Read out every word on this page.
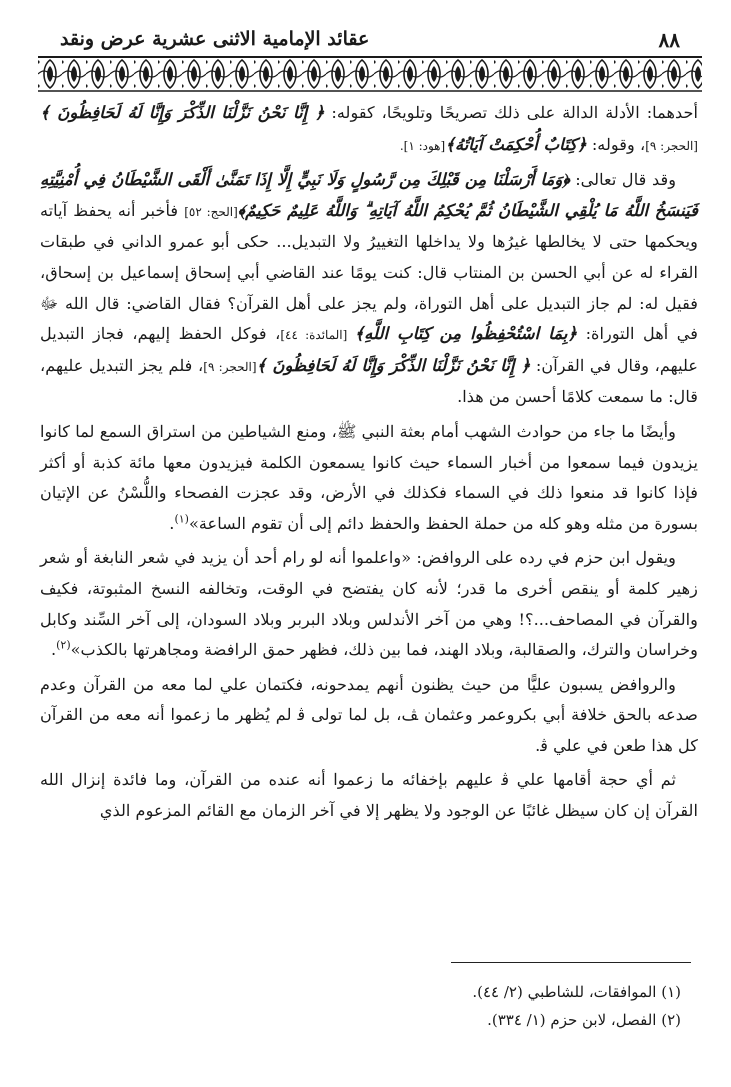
٨٨
عقائد الإمامية الاثنى عشرية عرض ونقد

أحدهما: الأدلة الدالة على ذلك تصريحًا وتلويحًا، كقوله: ﴿ إِنَّا نَحْنُ نَزَّلْنَا الذِّكْرَ وَإِنَّا لَهُ لَحَافِظُونَ ﴾ [الحجر: ٩]، وقوله: ﴿كِتَابٌ أُحْكِمَتْ آيَاتُهُ﴾[هود: ١].

وقد قال تعالى: ﴿وَمَا أَرْسَلْنَا مِن قَبْلِكَ مِن رَّسُولٍ وَلَا نَبِيٍّ إِلَّا إِذَا تَمَنَّىٰ أَلْقَى الشَّيْطَانُ فِي أُمْنِيَّتِهِ فَيَنسَخُ اللَّهُ مَا يُلْقِي الشَّيْطَانُ ثُمَّ يُحْكِمُ اللَّهُ آيَاتِهِ ۗ وَاللَّهُ عَلِيمٌ حَكِيمٌ﴾[الحج: ٥٢] فأخبر أنه يحفظ آياته ويحكمها حتى لا يخالطها غيرُها ولا يداخلها التغييرُ ولا التبديل... حكى أبو عمرو الداني في طبقات القراء له عن أبي الحسن بن المنتاب قال: كنت يومًا عند القاضي أبي إسحاق إسماعيل بن إسحاق، فقيل له: لم جاز التبديل على أهل التوراة، ولم يجز على أهل القرآن؟ فقال القاضي: قال الله ﷻ في أهل التوراة: ﴿بِمَا اسْتُحْفِظُوا مِن كِتَابِ اللَّهِ﴾ [المائدة: ٤٤]، فوكل الحفظ إليهم، فجاز التبديل عليهم، وقال في القرآن: ﴿ إِنَّا نَحْنُ نَزَّلْنَا الذِّكْرَ وَإِنَّا لَهُ لَحَافِظُونَ ﴾[الحجر: ٩]، فلم يجز التبديل عليهم، قال: ما سمعت كلامًا أحسن من هذا.

وأيضًا ما جاء من حوادث الشهب أمام بعثة النبي ﷺ، ومنع الشياطين من استراق السمع لما كانوا يزيدون فيما سمعوا من أخبار السماء حيث كانوا يسمعون الكلمة فيزيدون معها مائة كذبة أو أكثر فإذا كانوا قد منعوا ذلك في السماء فكذلك في الأرض، وقد عجزت الفصحاء واللُّسْنُ عن الإتيان بسورة من مثله وهو كله من حملة الحفظ والحفظ دائم إلى أن تقوم الساعة»$^{(١)}$.

ويقول ابن حزم في رده على الروافض: «واعلموا أنه لو رام أحد أن يزيد في شعر النابغة أو شعر زهير كلمة أو ينقص أخرى ما قدر؛ لأنه كان يفتضح في الوقت، وتخالفه النسخ المثبوتة، فكيف والقرآن في المصاحف...؟! وهي من آخر الأندلس وبلاد البربر وبلاد السودان، إلى آخر السِّند وكابل وخراسان والترك، والصقالبة، وبلاد الهند، فما بين ذلك، فظهر حمق الرافضة ومجاهرتها بالكذب»$^{(٢)}$.

والروافض يسبون عليًّا من حيث يظنون أنهم يمدحونه، فكتمان علي لما معه من القرآن وعدم صدعه بالحق خلافة أبي بكروعمر وعثمان ﭫ، بل لما تولى ﭬ لم يُظهر ما زعموا أنه معه من القرآن كل هذا طعن في علي ﭬ.

ثم أي حجة أقامها علي ﭬ عليهم بإخفائه ما زعموا أنه عنده من القرآن، وما فائدة إنزال الله القرآن إن كان سيظل غائبًا عن الوجود ولا يظهر إلا في آخر الزمان مع القائم المزعوم الذي

(١) الموافقات، للشاطبي (٢/ ٤٤).
(٢) الفصل، لابن حزم (١/ ٣٣٤).
